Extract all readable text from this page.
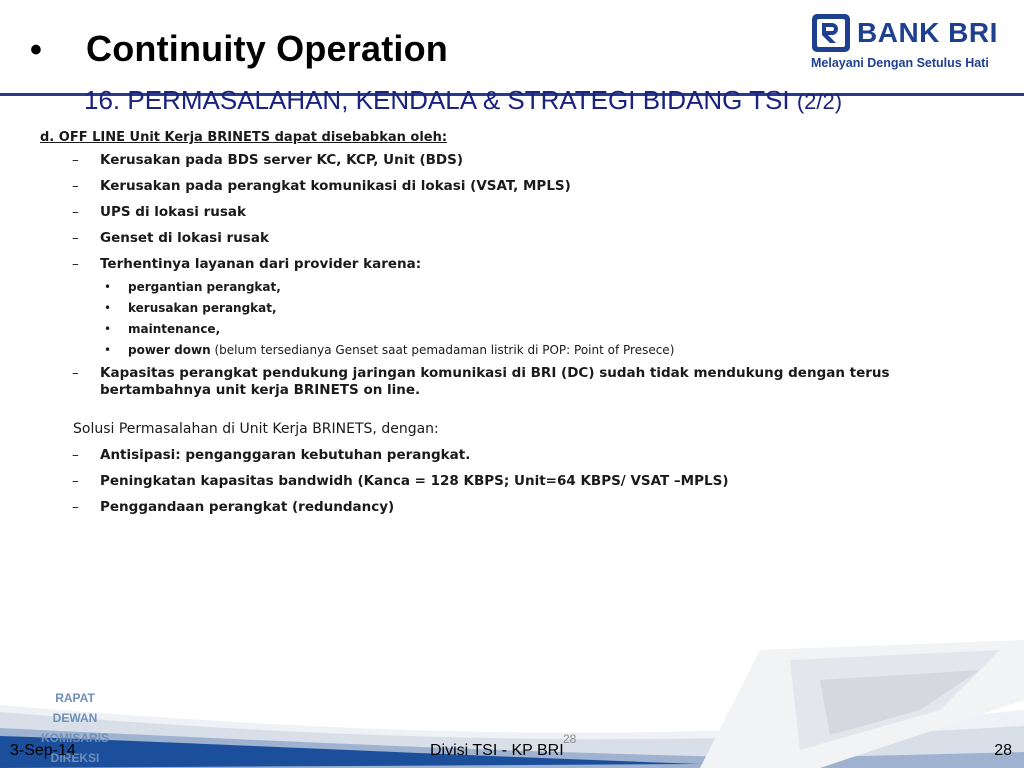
•	Continuity Operation
16. PERMASALAHAN, KENDALA & STRATEGI BIDANG TSI (2/2)
BANK BRI
Melayani Dengan Setulus Hati
d. OFF LINE Unit Kerja BRINETS dapat disebabkan oleh:
– Kerusakan pada BDS server KC, KCP, Unit (BDS)
– Kerusakan pada perangkat komunikasi di lokasi (VSAT, MPLS)
– UPS di lokasi rusak
– Genset di lokasi rusak
– Terhentinya layanan dari provider karena:
• pergantian perangkat,
• kerusakan perangkat,
• maintenance,
• power down (belum tersedianya Genset saat pemadaman listrik di POP: Point of Presece)
– Kapasitas perangkat pendukung jaringan komunikasi di BRI (DC) sudah tidak mendukung dengan terus bertambahnya unit kerja BRINETS on line.
Solusi Permasalahan di Unit Kerja BRINETS, dengan:
– Antisipasi: penganggaran kebutuhan perangkat.
– Peningkatan kapasitas bandwidh (Kanca = 128 KBPS; Unit=64 KBPS/ VSAT –MPLS)
– Penggandaan perangkat (redundancy)
RAPAT
DEWAN
KOMISARIS
DIREKSI
3-Sep-14
28
Divisi TSI - KP BRI	28
